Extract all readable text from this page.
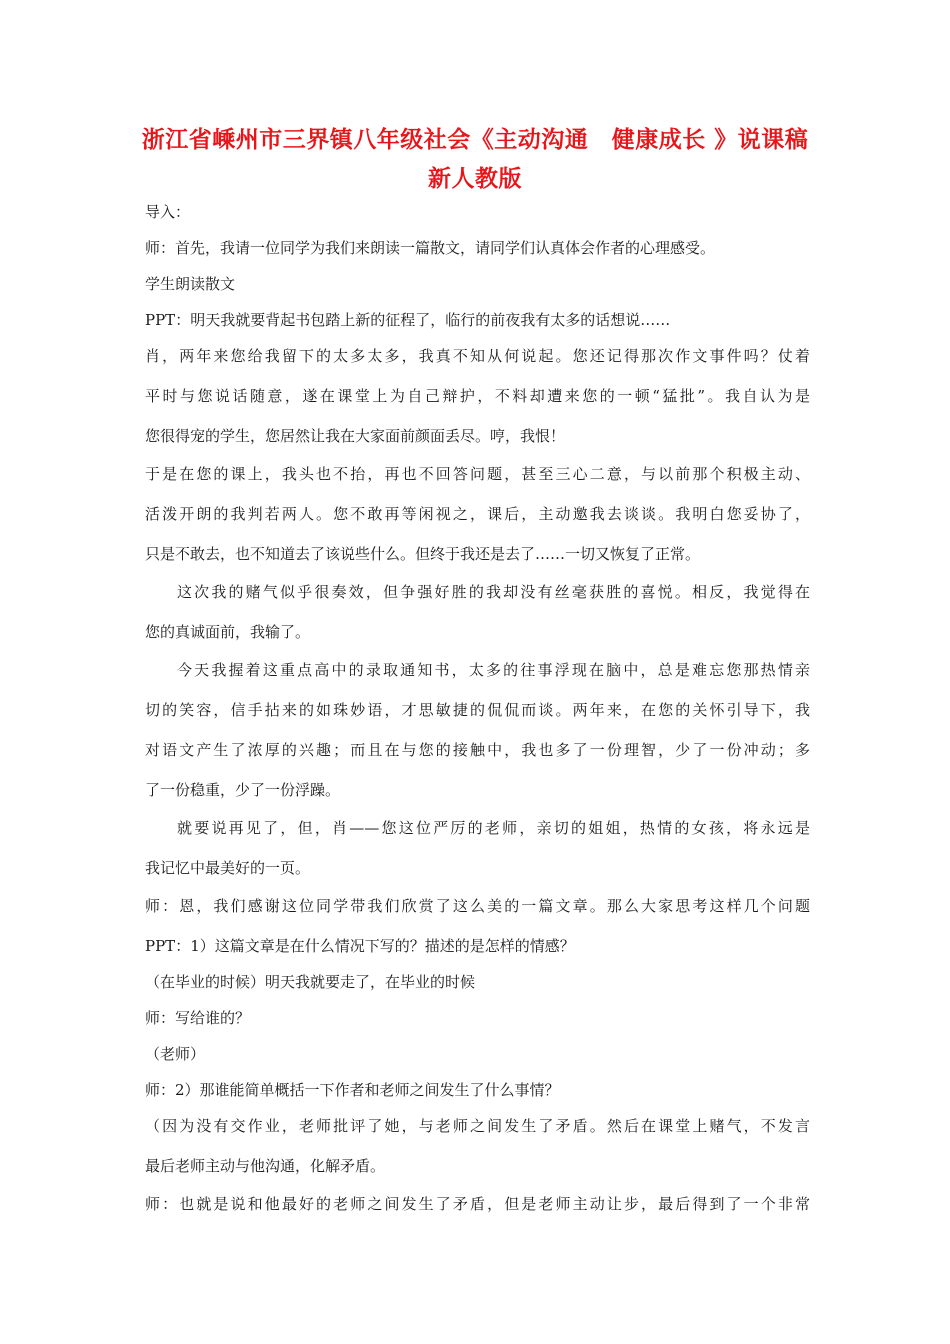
浙江省嵊州市三界镇八年级社会《主动沟通　健康成长 》说课稿
新人教版
导入：
师：首先，我请一位同学为我们来朗读一篇散文，请同学们认真体会作者的心理感受。
学生朗读散文
PPT：明天我就要背起书包踏上新的征程了，临行的前夜我有太多的话想说……
肖，两年来您给我留下的太多太多，我真不知从何说起。您还记得那次作文事件吗？仗着
平时与您说话随意，遂在课堂上为自己辩护，不料却遭来您的一顿“猛批”。我自认为是
您很得宠的学生，您居然让我在大家面前颜面丢尽。哼，我恨！
于是在您的课上，我头也不抬，再也不回答问题，甚至三心二意，与以前那个积极主动、
活泼开朗的我判若两人。您不敢再等闲视之，课后，主动邀我去谈谈。我明白您妥协了，
只是不敢去，也不知道去了该说些什么。但终于我还是去了……一切又恢复了正常。
这次我的赌气似乎很奏效，但争强好胜的我却没有丝毫获胜的喜悦。相反，我觉得在
您的真诚面前，我输了。
今天我握着这重点高中的录取通知书，太多的往事浮现在脑中，总是难忘您那热情亲
切的笑容，信手拈来的如珠妙语，才思敏捷的侃侃而谈。两年来，在您的关怀引导下，我
对语文产生了浓厚的兴趣；而且在与您的接触中，我也多了一份理智，少了一份冲动；多
了一份稳重，少了一份浮躁。
就要说再见了，但，肖——您这位严厉的老师，亲切的姐姐，热情的女孩，将永远是
我记忆中最美好的一页。
师：恩，我们感谢这位同学带我们欣赏了这么美的一篇文章。那么大家思考这样几个问题
PPT：1）这篇文章是在什么情况下写的？描述的是怎样的情感？
（在毕业的时候）明天我就要走了，在毕业的时候
师：写给谁的？
（老师）
师：2）那谁能简单概括一下作者和老师之间发生了什么事情？
（因为没有交作业，老师批评了她，与老师之间发生了矛盾。然后在课堂上赌气，不发言
最后老师主动与他沟通，化解矛盾。
师：也就是说和他最好的老师之间发生了矛盾，但是老师主动让步，最后得到了一个非常
